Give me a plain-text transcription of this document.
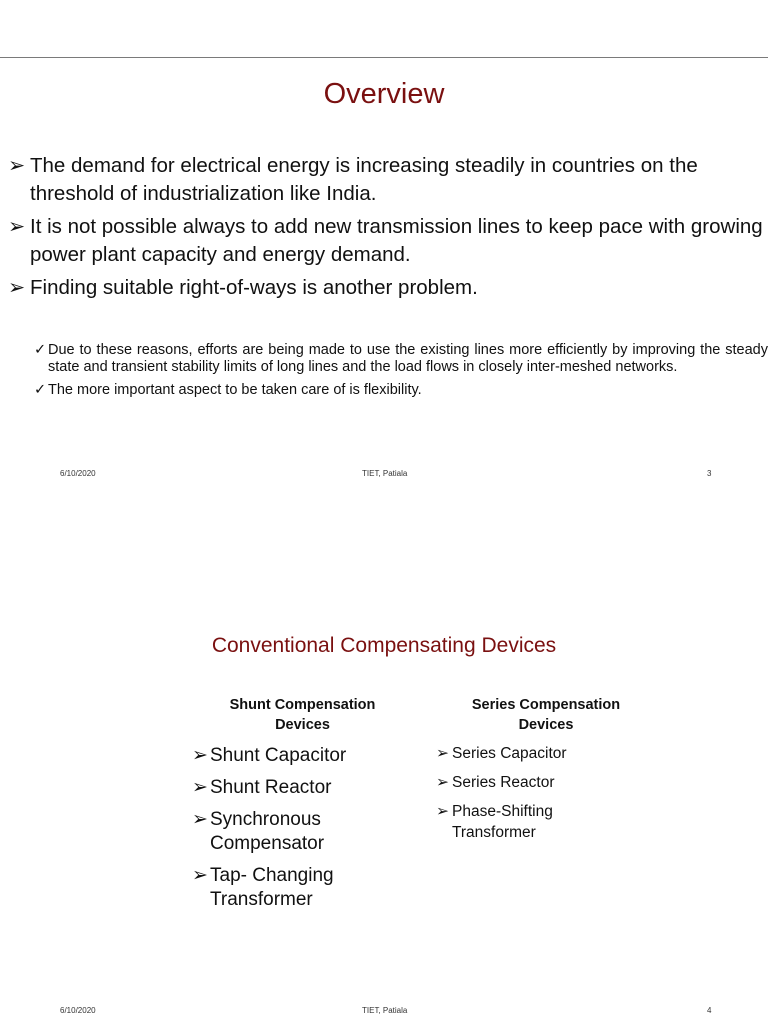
Overview
➢ The demand for electrical energy is increasing steadily in countries on the threshold of industrialization like India.
➢ It is not possible always to add new transmission lines to keep pace with growing power plant capacity and energy demand.
➢ Finding suitable right-of-ways is another problem.
✓ Due to these reasons, efforts are being made to use the existing lines more efficiently by improving the steady state and transient stability limits of long lines and the load flows in closely inter-meshed networks.
✓ The more important aspect to be taken care of is flexibility.
6/10/2020	TIET, Patiala	3
Conventional Compensating Devices
Shunt Compensation
Devices
Series Compensation
Devices
➢ Shunt Capacitor
➢ Shunt Reactor
➢ Synchronous
Compensator
➢ Tap- Changing
Transformer
➢ Series Capacitor
➢ Series Reactor
➢ Phase-Shifting
Transformer
6/10/2020	TIET, Patiala	4
